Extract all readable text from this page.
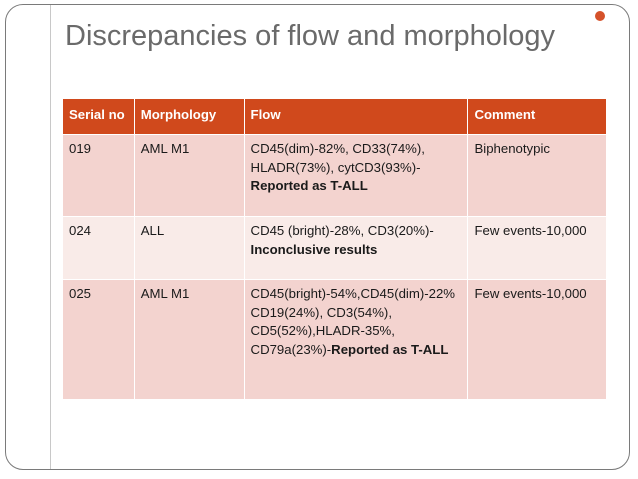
Discrepancies of flow and morphology
Serial no	Morphology	Flow	Comment
019	AML M1	CD45(dim)-82%, CD33(74%), HLADR(73%), cytCD3(93%)-Reported as T-ALL	Biphenotypic
024	ALL	CD45 (bright)-28%, CD3(20%)-Inconclusive results	Few events-10,000
025	AML M1	CD45(bright)-54%,CD45(dim)-22% CD19(24%), CD3(54%), CD5(52%),HLADR-35%, CD79a(23%)-Reported as T-ALL	Few events-10,000
